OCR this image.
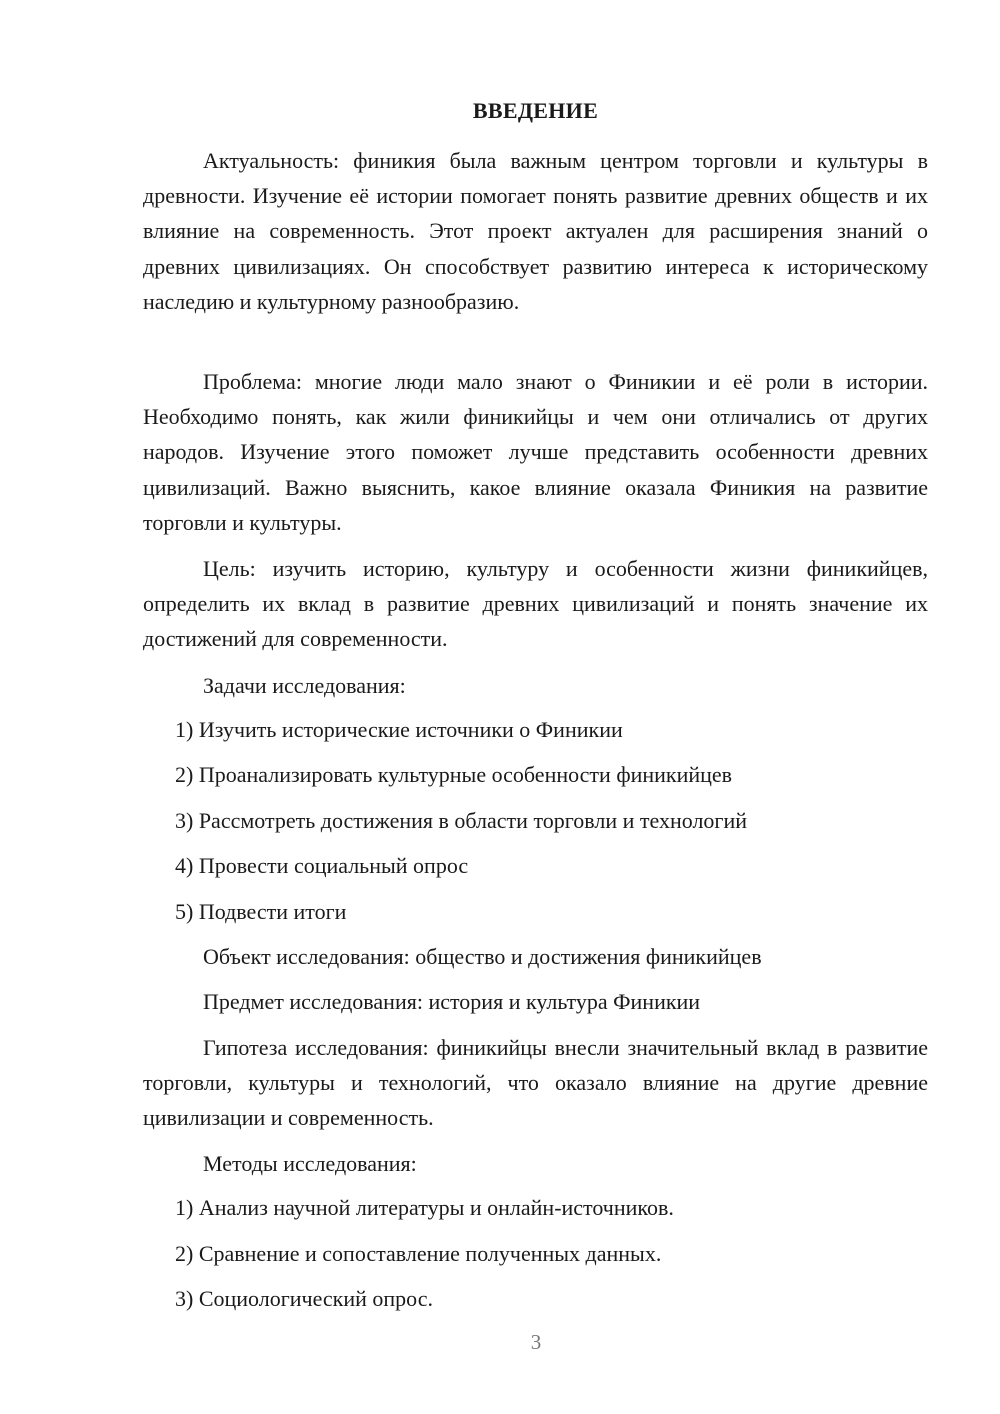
ВВЕДЕНИЕ

Актуальность: финикия была важным центром торговли и культуры в древности. Изучение её истории помогает понять развитие древних обществ и их влияние на современность. Этот проект актуален для расширения знаний о древних цивилизациях. Он способствует развитию интереса к историческому наследию и культурному разнообразию.

Проблема: многие люди мало знают о Финикии и её роли в истории. Необходимо понять, как жили финикийцы и чем они отличались от других народов. Изучение этого поможет лучше представить особенности древних цивилизаций. Важно выяснить, какое влияние оказала Финикия на развитие торговли и культуры.

Цель: изучить историю, культуру и особенности жизни финикийцев, определить их вклад в развитие древних цивилизаций и понять значение их достижений для современности.

Задачи исследования:

1) Изучить исторические источники о Финикии

2) Проанализировать культурные особенности финикийцев

3) Рассмотреть достижения в области торговли и технологий

4) Провести социальный опрос

5) Подвести итоги

Объект исследования: общество и достижения финикийцев

Предмет исследования: история и культура Финикии

Гипотеза исследования: финикийцы внесли значительный вклад в развитие торговли, культуры и технологий, что оказало влияние на другие древние цивилизации и современность.

Методы исследования:

1) Анализ научной литературы и онлайн-источников.

2) Сравнение и сопоставление полученных данных.

3) Социологический опрос.

3
